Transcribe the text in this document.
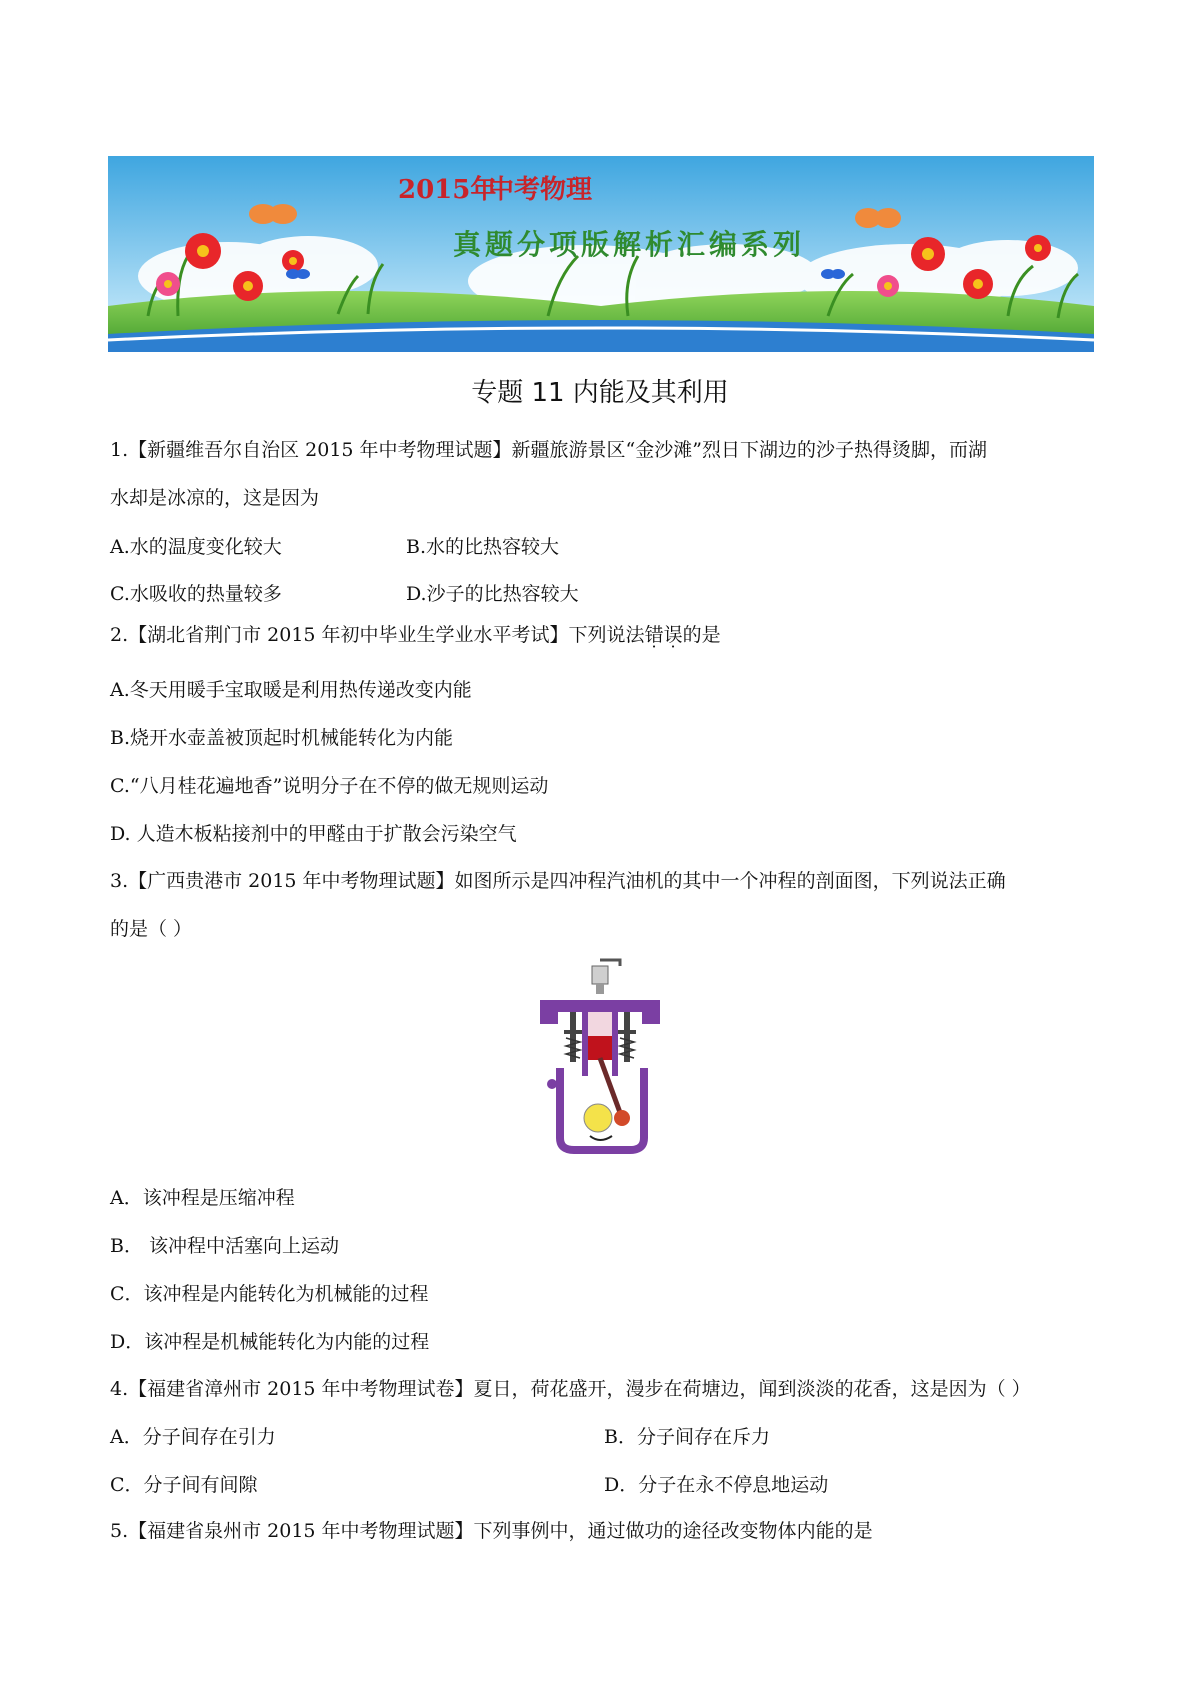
2015年
中考物理
真题分项版解析汇编系列
专题 11 内能及其利用
1.【新疆维吾尔自治区 2015 年中考物理试题】新疆旅游景区“金沙滩”烈日下湖边的沙子热得烫脚，而湖
水却是冰凉的，这是因为
A.水的温度变化较大	B.水的比热容较大
C.水吸收的热量较多	D.沙子的比热容较大
2.【湖北省荆门市 2015 年初中毕业生学业水平考试】下列说法错误的是
A.冬天用暖手宝取暖是利用热传递改变内能
B.烧开水壶盖被顶起时机械能转化为内能
C.“八月桂花遍地香”说明分子在不停的做无规则运动
D. 人造木板粘接剂中的甲醛由于扩散会污染空气
3.【广西贵港市 2015 年中考物理试题】如图所示是四冲程汽油机的其中一个冲程的剖面图，下列说法正确
的是（ ）
A．该冲程是压缩冲程
B． 该冲程中活塞向上运动
C．该冲程是内能转化为机械能的过程
D．该冲程是机械能转化为内能的过程
4.【福建省漳州市 2015 年中考物理试卷】夏日，荷花盛开，漫步在荷塘边，闻到淡淡的花香，这是因为（ ）
A．分子间存在引力	B．分子间存在斥力
C．分子间有间隙	D．分子在永不停息地运动
5.【福建省泉州市 2015 年中考物理试题】下列事例中，通过做功的途径改变物体内能的是
